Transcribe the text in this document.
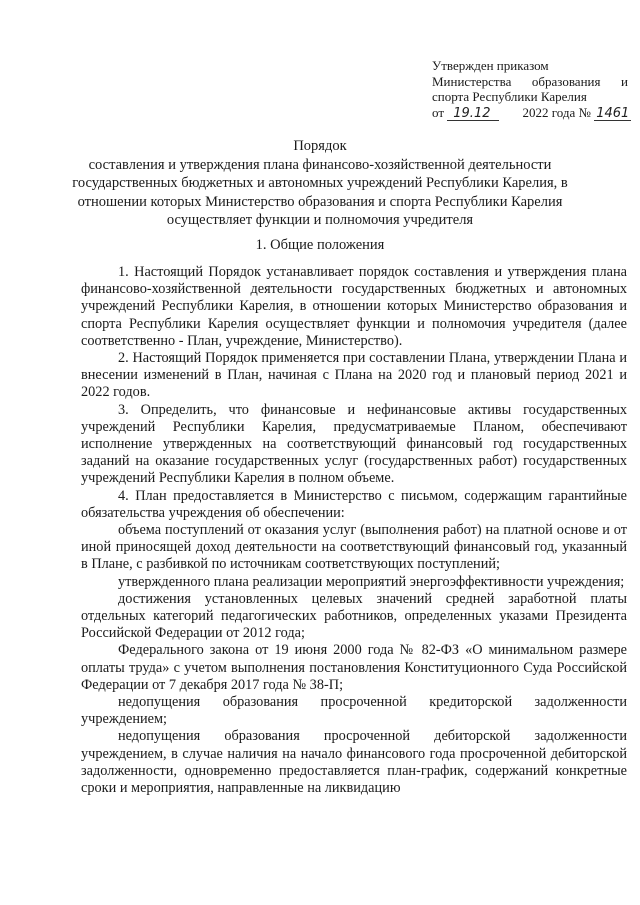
Утвержден приказом
Министерства образования и
спорта Республики Карелия
от 19.12 2022 года № 1461
Порядок
составления и утверждения плана финансово-хозяйственной деятельности
государственных бюджетных и автономных учреждений Республики Карелия, в
отношении которых Министерство образования и спорта Республики Карелия
осуществляет функции и полномочия учредителя
1. Общие положения

1. Настоящий Порядок устанавливает порядок составления и утверждения плана финансово-хозяйственной деятельности государственных бюджетных и автономных учреждений Республики Карелия, в отношении которых Министерство образования и спорта Республики Карелия осуществляет функции и полномочия учредителя (далее соответственно - План, учреждение, Министерство).

2. Настоящий Порядок применяется при составлении Плана, утверждении Плана и внесении изменений в План, начиная с Плана на 2020 год и плановый период 2021 и 2022 годов.

3. Определить, что финансовые и нефинансовые активы государственных учреждений Республики Карелия, предусматриваемые Планом, обеспечивают исполнение утвержденных на соответствующий финансовый год государственных заданий на оказание государственных услуг (государственных работ) государственных учреждений Республики Карелия в полном объеме.

4. План предоставляется в Министерство с письмом, содержащим гарантийные обязательства учреждения об обеспечении:

объема поступлений от оказания услуг (выполнения работ) на платной основе и от иной приносящей доход деятельности на соответствующий финансовый год, указанный в Плане, с разбивкой по источникам соответствующих поступлений;

утвержденного плана реализации мероприятий энергоэффективности учреждения;

достижения установленных целевых значений средней заработной платы отдельных категорий педагогических работников, определенных указами Президента Российской Федерации от 2012 года;

Федерального закона от 19 июня 2000 года № 82-ФЗ «О минимальном размере оплаты труда» с учетом выполнения постановления Конституционного Суда Российской Федерации от 7 декабря 2017 года № 38-П;

недопущения образования просроченной кредиторской задолженности учреждением;

недопущения образования просроченной дебиторской задолженности учреждением, в случае наличия на начало финансового года просроченной дебиторской задолженности, одновременно предоставляется план-график, содержаний конкретные сроки и мероприятия, направленные на ликвидацию
